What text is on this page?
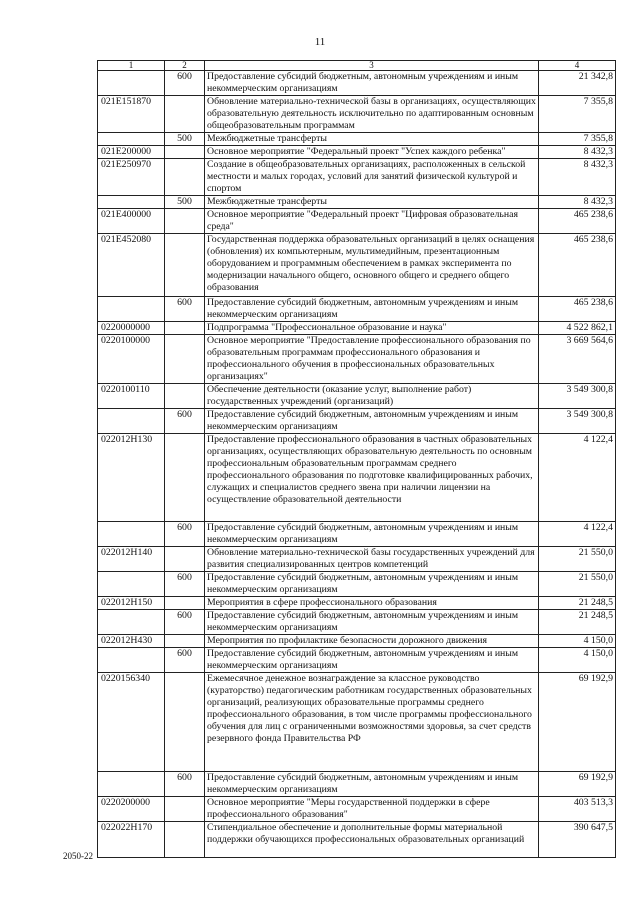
11
1	2	3	4
	600	Предоставление субсидий бюджетным, автономным учреждениям и иным некоммерческим организациям	21 342,8
021E151870		Обновление материально-технической базы в организациях, осуществляющих образовательную деятельность исключительно по адаптированным основным общеобразовательным программам	7 355,8
	500	Межбюджетные трансферты	7 355,8
021E200000		Основное мероприятие "Федеральный проект "Успех каждого ребенка"	8 432,3
021E250970		Создание в общеобразовательных организациях, расположенных в сельской местности и малых городах, условий для занятий физической культурой и спортом	8 432,3
	500	Межбюджетные трансферты	8 432,3
021E400000		Основное мероприятие "Федеральный проект "Цифровая образовательная среда"	465 238,6
021E452080		Государственная поддержка образовательных организаций в целях оснащения (обновления) их компьютерным, мультимедийным, презентационным оборудованием и программным обеспечением в рамках эксперимента по модернизации начального общего, основного общего и среднего общего образования	465 238,6
	600	Предоставление субсидий бюджетным, автономным учреждениям и иным некоммерческим организациям	465 238,6
0220000000		Подпрограмма "Профессиональное образование и наука"	4 522 862,1
0220100000		Основное мероприятие "Предоставление профессионального образования по образовательным программам профессионального образования и профессионального обучения в профессиональных образовательных организациях"	3 669 564,6
0220100110		Обеспечение деятельности (оказание услуг, выполнение работ) государственных учреждений (организаций)	3 549 300,8
	600	Предоставление субсидий бюджетным, автономным учреждениям и иным некоммерческим организациям	3 549 300,8
022012H130		Предоставление профессионального образования в частных образовательных организациях, осуществляющих образовательную деятельность по основным профессиональным образовательным программам среднего профессионального образования по подготовке квалифицированных рабочих, служащих и специалистов среднего звена при наличии лицензии на осуществление образовательной деятельности	4 122,4
	600	Предоставление субсидий бюджетным, автономным учреждениям и иным некоммерческим организациям	4 122,4
022012H140		Обновление материально-технической базы государственных учреждений для развития специализированных центров компетенций	21 550,0
	600	Предоставление субсидий бюджетным, автономным учреждениям и иным некоммерческим организациям	21 550,0
022012H150		Мероприятия в сфере профессионального образования	21 248,5
	600	Предоставление субсидий бюджетным, автономным учреждениям и иным некоммерческим организациям	21 248,5
022012H430		Мероприятия по профилактике безопасности дорожного движения	4 150,0
	600	Предоставление субсидий бюджетным, автономным учреждениям и иным некоммерческим организациям	4 150,0
0220156340		Ежемесячное денежное вознаграждение за классное руководство (кураторство) педагогическим работникам государственных образовательных организаций, реализующих образовательные программы среднего профессионального образования, в том числе программы профессионального обучения для лиц с ограниченными возможностями здоровья, за счет средств резервного фонда Правительства РФ	69 192,9
	600	Предоставление субсидий бюджетным, автономным учреждениям и иным некоммерческим организациям	69 192,9
0220200000		Основное мероприятие "Меры государственной поддержки в сфере профессионального образования"	403 513,3
022022H170		Стипендиальное обеспечение и дополнительные формы материальной поддержки обучающихся профессиональных образовательных организаций	390 647,5
2050-22
